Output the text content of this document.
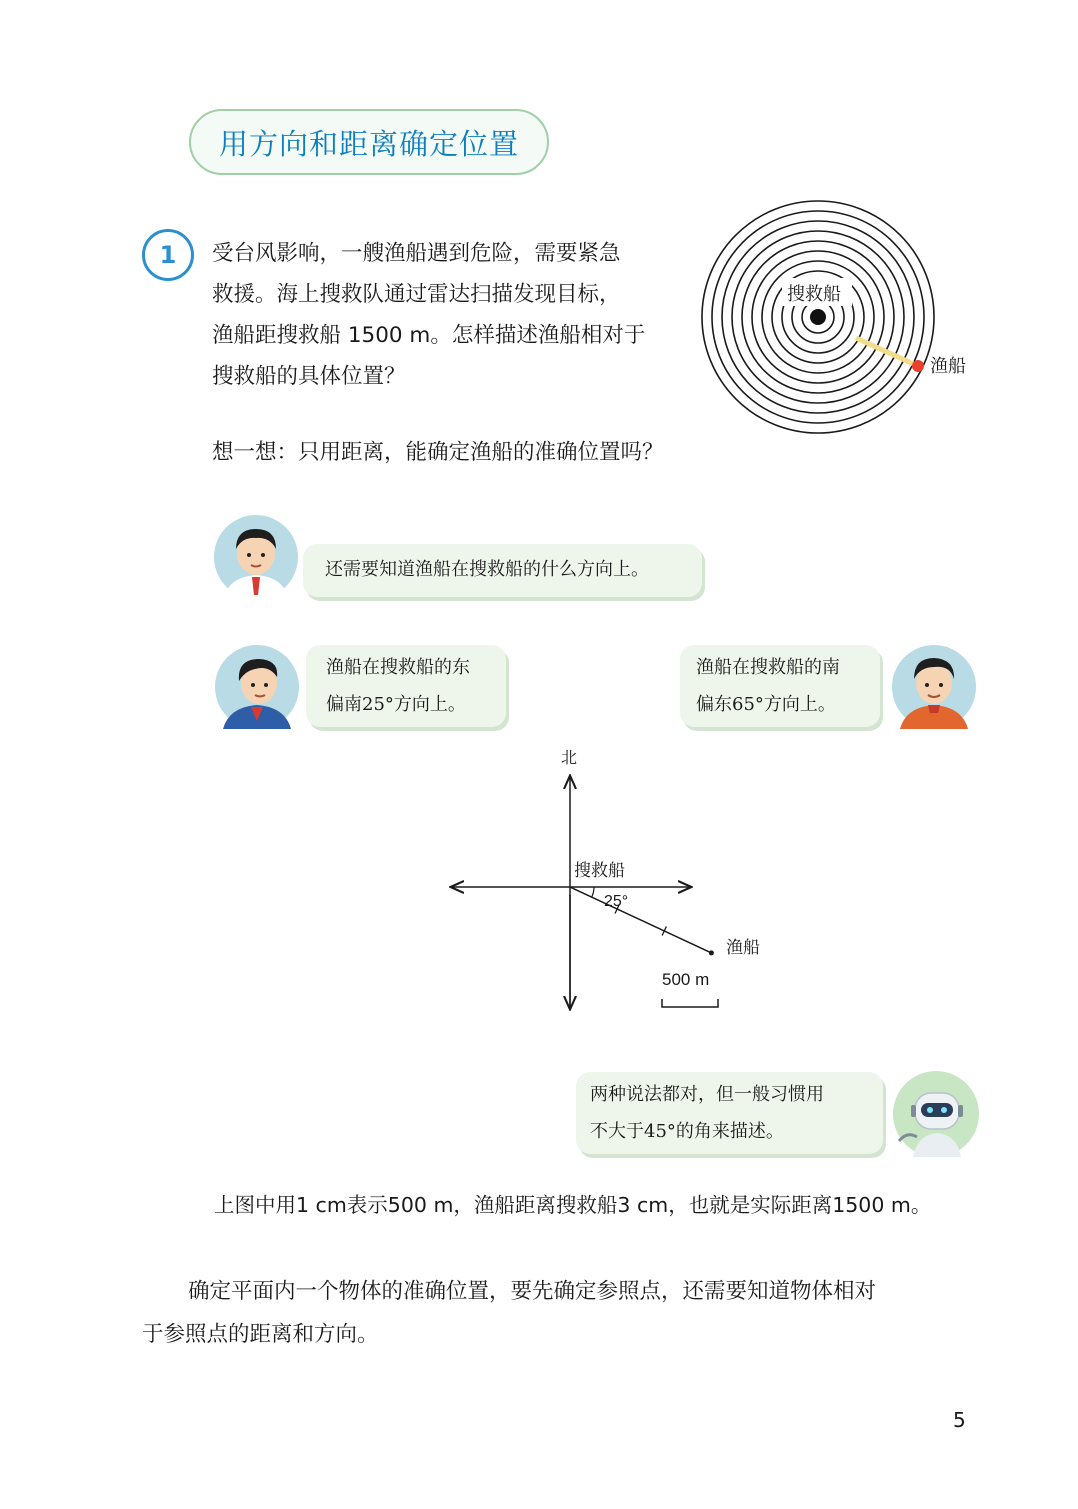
用方向和距离确定位置
1	受台风影响，一艘渔船遇到危险，需要紧急
救援。海上搜救队通过雷达扫描发现目标，
渔船距搜救船 1500 m。怎样描述渔船相对于
搜救船的具体位置？
想一想：只用距离，能确定渔船的准确位置吗？
搜救船
渔船
还需要知道渔船在搜救船的什么方向上。
渔船在搜救船的东
偏南25°方向上。
渔船在搜救船的南
偏东65°方向上。
北
搜救船
25°
渔船
500 m
两种说法都对，但一般习惯用
不大于45°的角来描述。
上图中用1 cm表示500 m，渔船距离搜救船3 cm，也就是实际距离1500 m。
确定平面内一个物体的准确位置，要先确定参照点，还需要知道物体相对
于参照点的距离和方向。
5
